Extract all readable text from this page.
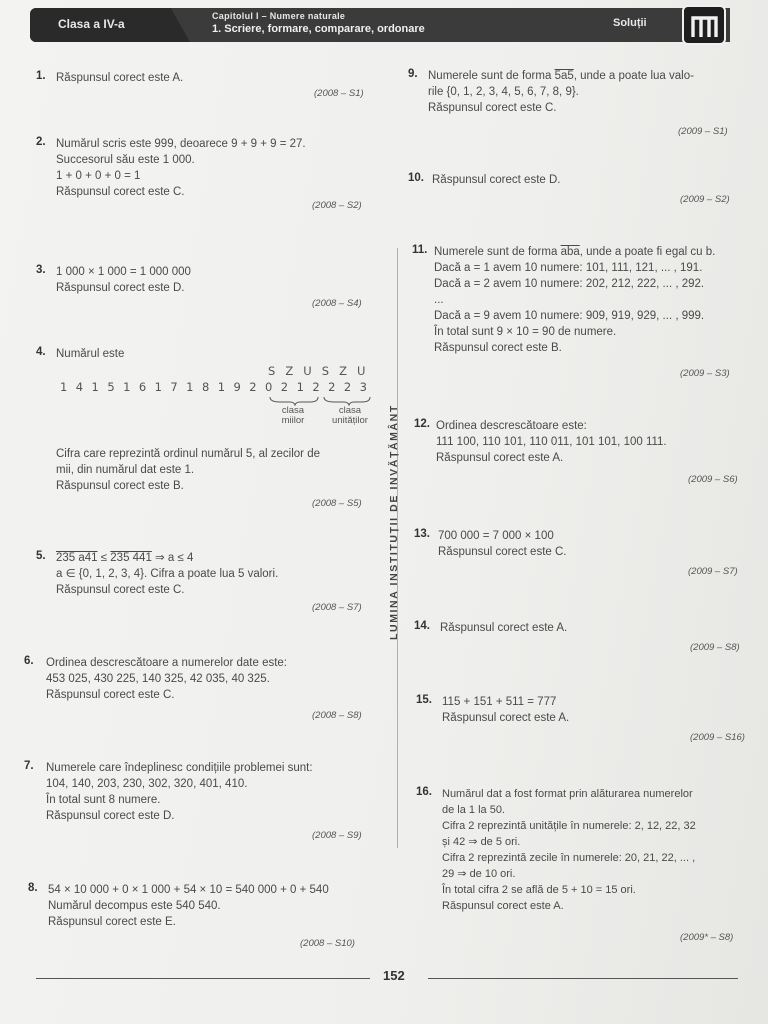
Clasa a IV-a
Capitolul I – Numere naturale
1. Scriere, formare, comparare, ordonare	Soluții
1. Răspunsul corect este A.
(2008 – S1)
2. Numărul scris este 999, deoarece 9 + 9 + 9 = 27.
Succesorul său este 1 000.
1 + 0 + 0 + 0 = 1
Răspunsul corect este C.
(2008 – S2)
3. 1 000 × 1 000 = 1 000 000
Răspunsul corect este D.
(2008 – S4)
4. Numărul este
S Z U S Z U
1 4 1 5 1 6 1 7 1 8 1 9 2 0 2 1 2 2 2 3
clasa
miilor
clasa
unităților
Cifra care reprezintă ordinul numărul 5, al zecilor de
mii, din numărul dat este 1.
Răspunsul corect este B.
(2008 – S5)
5. 235 a41 ≤ 235 441 ⇒ a ≤ 4
a ∈ {0, 1, 2, 3, 4}. Cifra a poate lua 5 valori.
Răspunsul corect este C.
(2008 – S7)
6. Ordinea descrescătoare a numerelor date este:
453 025, 430 225, 140 325, 42 035, 40 325.
Răspunsul corect este C.
(2008 – S8)
7. Numerele care îndeplinesc condițiile problemei sunt:
104, 140, 203, 230, 302, 320, 401, 410.
În total sunt 8 numere.
Răspunsul corect este D.
(2008 – S9)
8. 54 × 10 000 + 0 × 1 000 + 54 × 10 = 540 000 + 0 + 540
Numărul decompus este 540 540.
Răspunsul corect este E.
(2008 – S10)
LUMINA INSTITUȚII DE INVĂȚĂMÂNT
9. Numerele sunt de forma 5a5, unde a poate lua valo-
rile {0, 1, 2, 3, 4, 5, 6, 7, 8, 9}.
Răspunsul corect este C.
(2009 – S1)
10. Răspunsul corect este D.
(2009 – S2)
11. Numerele sunt de forma $\overline{aba}$, unde a poate fi egal cu b.
Dacă a = 1 avem 10 numere: 101, 111, 121, ... , 191.
Dacă a = 2 avem 10 numere: 202, 212, 222, ... , 292.
...
Dacă a = 9 avem 10 numere: 909, 919, 929, ... , 999.
În total sunt 9 × 10 = 90 de numere.
Răspunsul corect este B.
(2009 – S3)
12. Ordinea descrescătoare este:
111 100, 110 101, 110 011, 101 101, 100 111.
Răspunsul corect este A.
(2009 – S6)
13. 700 000 = 7 000 × 100
Răspunsul corect este C.
(2009 – S7)
14. Răspunsul corect este A.
(2009 – S8)
15. 115 + 151 + 511 = 777
Răspunsul corect este A.
(2009 – S16)
16. Numărul dat a fost format prin alăturarea numerelor
de la 1 la 50.
Cifra 2 reprezintă unitățile în numerele: 2, 12, 22, 32
și 42 ⇒ de 5 ori.
Cifra 2 reprezintă zecile în numerele: 20, 21, 22, ... ,
29 ⇒ de 10 ori.
În total cifra 2 se află de 5 + 10 = 15 ori.
Răspunsul corect este A.
(2009* – S8)
152
